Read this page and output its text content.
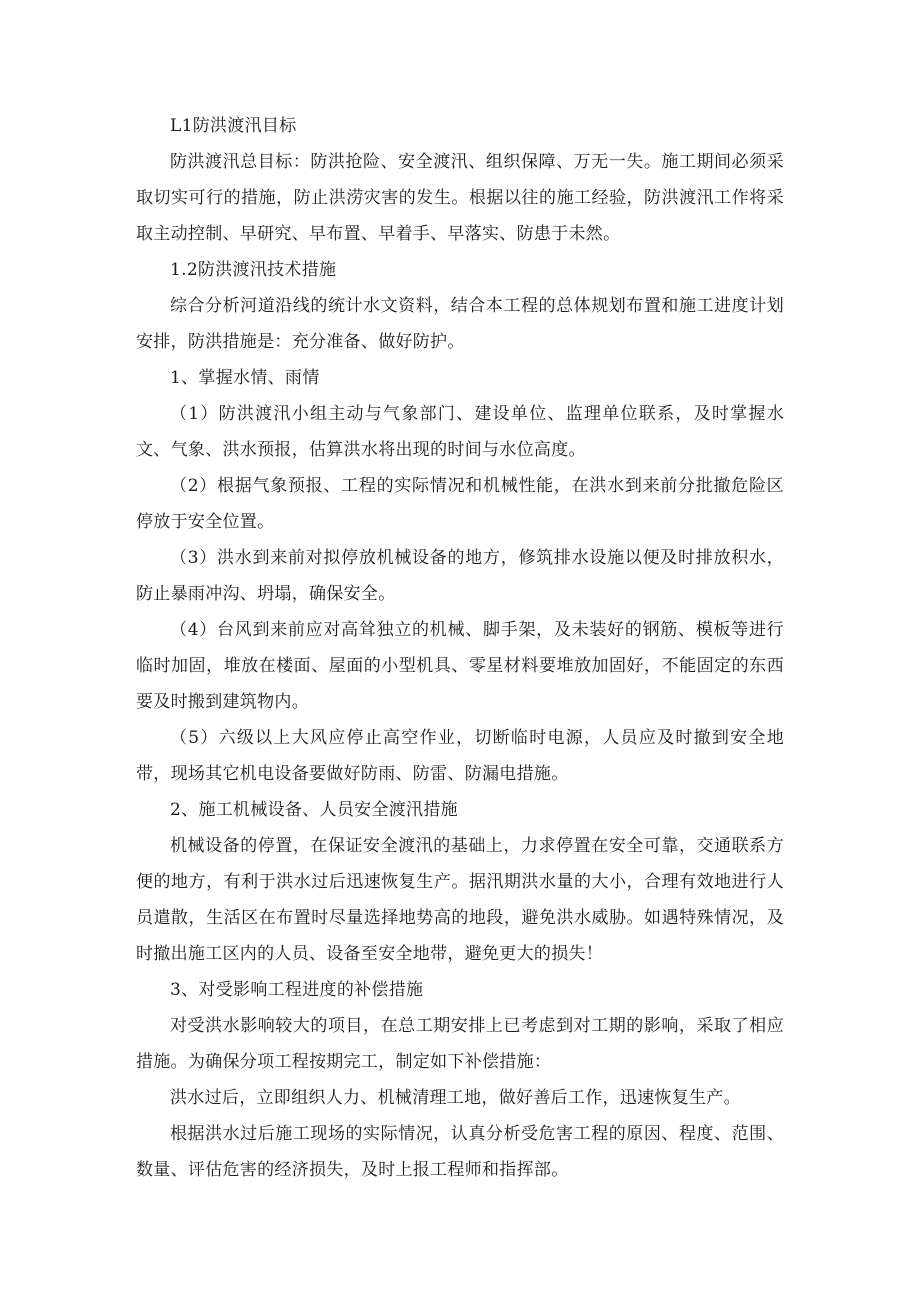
L1防洪渡汛目标

防洪渡汛总目标：防洪抢险、安全渡汛、组织保障、万无一失。施工期间必须采取切实可行的措施，防止洪涝灾害的发生。根据以往的施工经验，防洪渡汛工作将采取主动控制、早研究、早布置、早着手、早落实、防患于未然。

1.2防洪渡汛技术措施

综合分析河道沿线的统计水文资料，结合本工程的总体规划布置和施工进度计划安排，防洪措施是：充分准备、做好防护。

1、掌握水情、雨情

（1）防洪渡汛小组主动与气象部门、建设单位、监理单位联系，及时掌握水文、气象、洪水预报，估算洪水将出现的时间与水位高度。

（2）根据气象预报、工程的实际情况和机械性能，在洪水到来前分批撤危险区停放于安全位置。

（3）洪水到来前对拟停放机械设备的地方，修筑排水设施以便及时排放积水，防止暴雨冲沟、坍塌，确保安全。

（4）台风到来前应对高耸独立的机械、脚手架，及未装好的钢筋、模板等进行临时加固，堆放在楼面、屋面的小型机具、零星材料要堆放加固好，不能固定的东西要及时搬到建筑物内。

（5）六级以上大风应停止高空作业，切断临时电源，人员应及时撤到安全地带，现场其它机电设备要做好防雨、防雷、防漏电措施。

2、施工机械设备、人员安全渡汛措施

机械设备的停置，在保证安全渡汛的基础上，力求停置在安全可靠，交通联系方便的地方，有利于洪水过后迅速恢复生产。据汛期洪水量的大小，合理有效地进行人员遣散，生活区在布置时尽量选择地势高的地段，避免洪水威胁。如遇特殊情况，及时撤出施工区内的人员、设备至安全地带，避免更大的损失！

3、对受影响工程进度的补偿措施

对受洪水影响较大的项目，在总工期安排上已考虑到对工期的影响，采取了相应措施。为确保分项工程按期完工，制定如下补偿措施：

洪水过后，立即组织人力、机械清理工地，做好善后工作，迅速恢复生产。

根据洪水过后施工现场的实际情况，认真分析受危害工程的原因、程度、范围、数量、评估危害的经济损失，及时上报工程师和指挥部。
